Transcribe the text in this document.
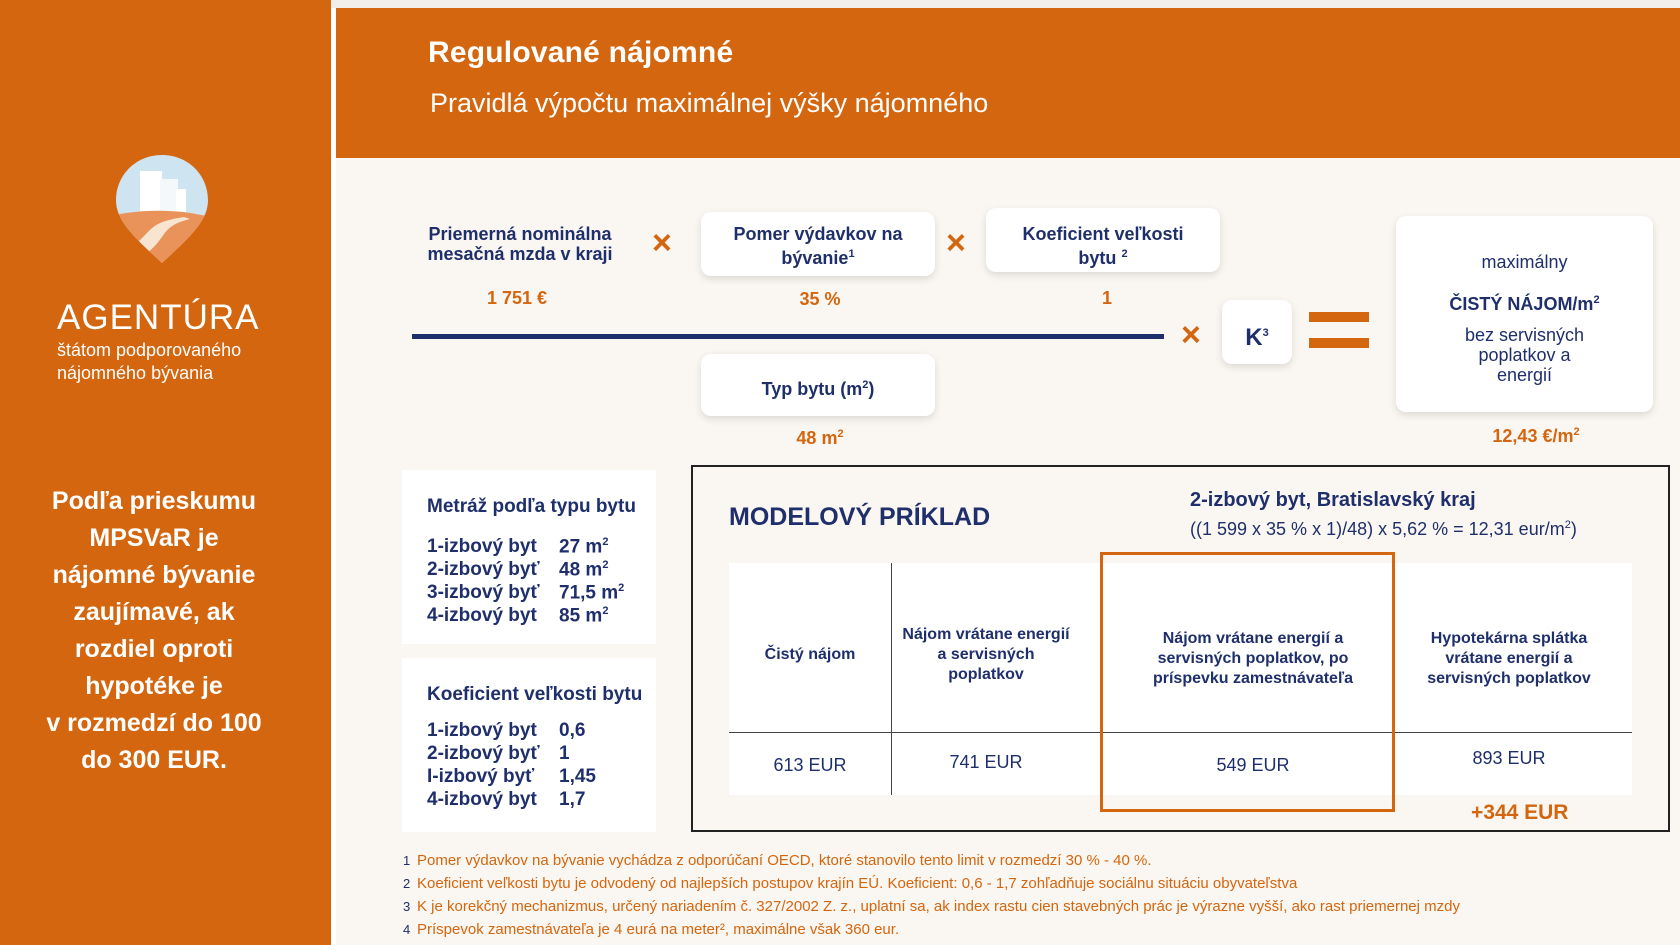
AGENTÚRA
štátom podporovaného
nájomného bývania
Podľa prieskumu
MPSVaR je
nájomné bývanie
zaujímavé, ak
rozdiel oproti
hypotéke je
v rozmedzí do 100
do 300 EUR.
Regulované nájomné
Pravidlá výpočtu maximálnej výšky nájomného
Priemerná nominálna
mesačná mzda v kraji
1 751 €
×	Pomer výdavkov na
bývanie$^1$
35 %
×	Koeficient veľkosti
bytu $^2$
1
Typ bytu $(m^2)$
48 $m^2$
×	$K^3$
maximálny
ČISTÝ NÁJOM/$m^2$
bez servisných
poplatkov a
energií
12,43 $€/m^2$
Metráž podľa typu bytu
1-izbový byt 27 $m^2$
2-izbový byť 48 $m^2$
3-izbový byť 71,5 $m^2$
4-izbový byt 85 $m^2$
Koeficient veľkosti bytu
1-izbový byt 0,6
2-izbový byť 1
I-izbový byť 1,45
4-izbový byt 1,7
MODELOVÝ PRÍKLAD
2-izbový byt, Bratislavský kraj
((1 599 x 35 % x 1)/48) x 5,62 % = 12,31 eur/$m^2$)
Čistý nájom
Nájom vrátane energií a servisných poplatkov
Nájom vrátane energií a servisných poplatkov, po príspevku zamestnávateľa
Hypotekárna splátka vrátane energií a servisných poplatkov
613 EUR	741 EUR	549 EUR	893 EUR
+344 EUR
1 Pomer výdavkov na bývanie vychádza z odporúčaní OECD, ktoré stanovilo tento limit v rozmedzí 30 % - 40 %.
2 Koeficient veľkosti bytu je odvodený od najlepších postupov krajín EÚ. Koeficient: 0,6 - 1,7 zohľadňuje sociálnu situáciu obyvateľstva
3 K je korekčný mechanizmus, určený nariadením č. 327/2002 Z. z., uplatní sa, ak index rastu cien stavebných prác je výrazne vyšší, ako rast priemernej mzdy
4 Príspevok zamestnávateľa je 4 eurá na meter², maximálne však 360 eur.
